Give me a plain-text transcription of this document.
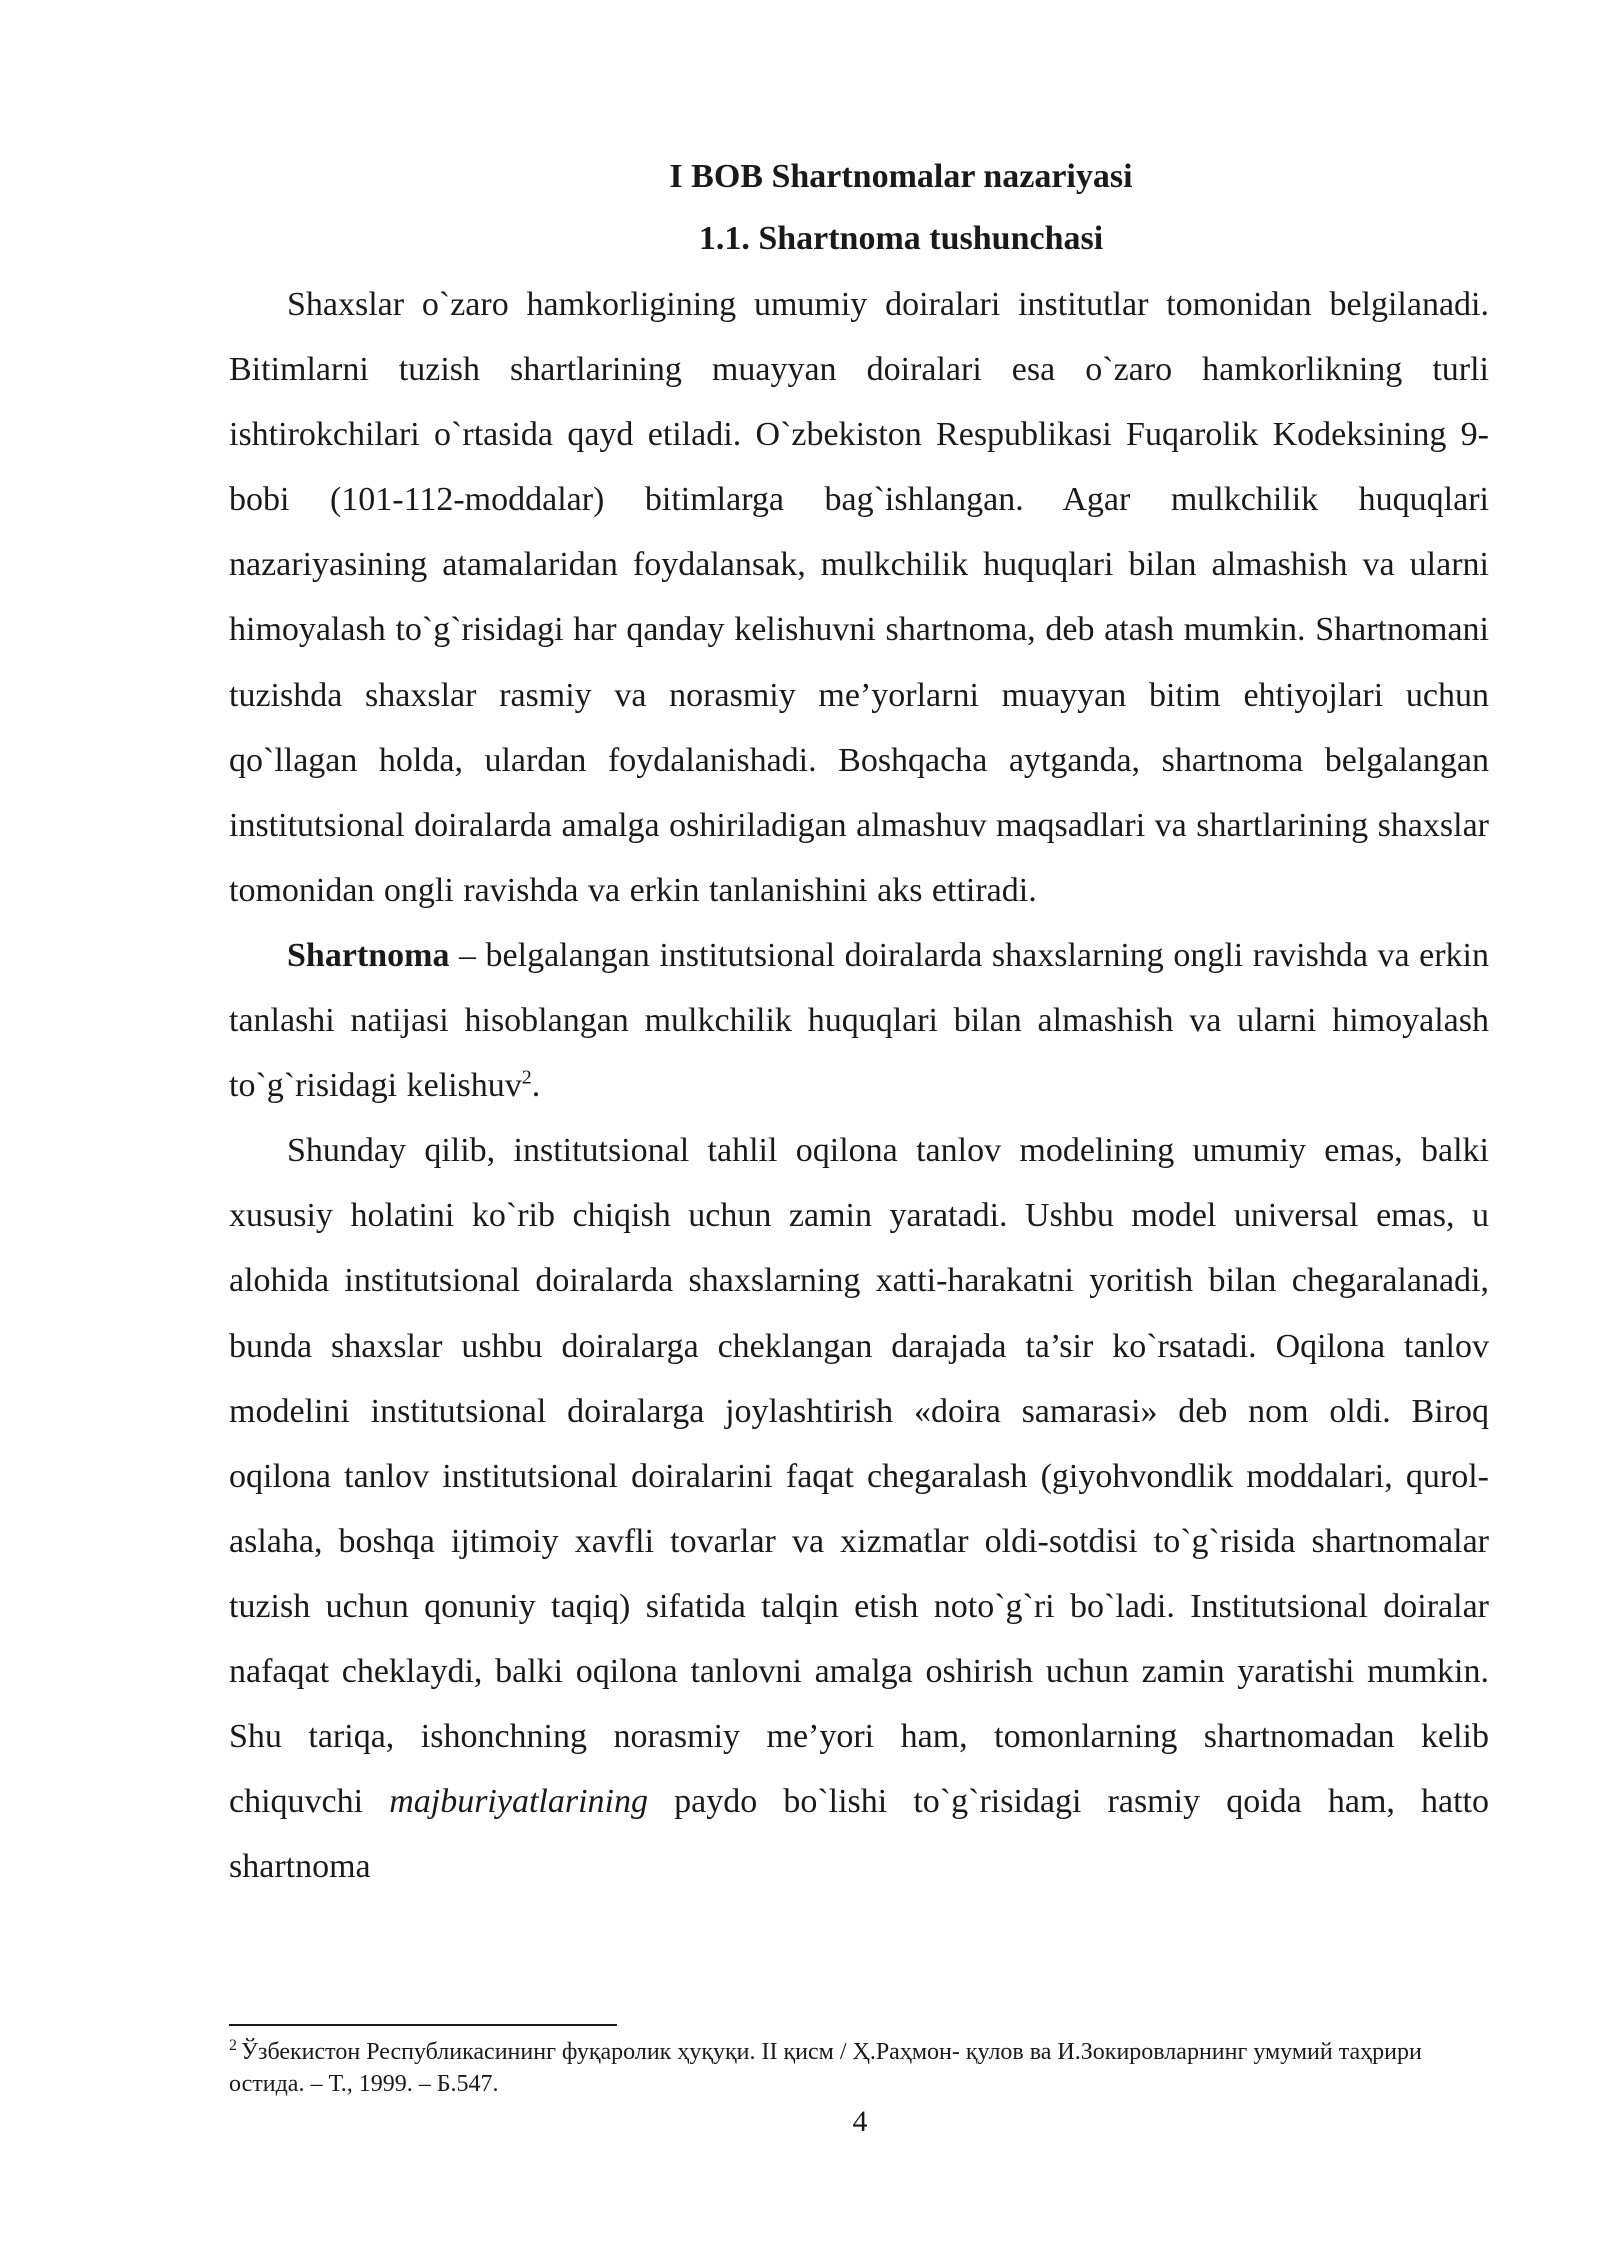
I BOB Shartnomalar nazariyasi
1.1. Shartnoma tushunchasi

Shaxslar o`zaro hamkorligining umumiy doiralari institutlar tomonidan belgilanadi. Bitimlarni tuzish shartlarining muayyan doiralari esa o`zaro hamkorlikning turli ishtirokchilari o`rtasida qayd etiladi. O`zbekiston Respublikasi Fuqarolik Kodeksining 9-bobi (101-112-moddalar) bitimlarga bag`ishlangan. Agar mulkchilik huquqlari nazariyasining atamalaridan foydalansak, mulkchilik huquqlari bilan almashish va ularni himoyalash to`g`risidagi har qanday kelishuvni shartnoma, deb atash mumkin. Shartnomani tuzishda shaxslar rasmiy va norasmiy me’yorlarni muayyan bitim ehtiyojlari uchun qo`llagan holda, ulardan foydalanishadi. Boshqacha aytganda, shartnoma belgalangan institutsional doiralarda amalga oshiriladigan almashuv maqsadlari va shartlarining shaxslar tomonidan ongli ravishda va erkin tanlanishini aks ettiradi.

Shartnoma – belgalangan institutsional doiralarda shaxslarning ongli ravishda va erkin tanlashi natijasi hisoblangan mulkchilik huquqlari bilan almashish va ularni himoyalash to`g`risidagi kelishuv$^2$.

Shunday qilib, institutsional tahlil oqilona tanlov modelining umumiy emas, balki xususiy holatini ko`rib chiqish uchun zamin yaratadi. Ushbu model universal emas, u alohida institutsional doiralarda shaxslarning xatti-harakatni yoritish bilan chegaralanadi, bunda shaxslar ushbu doiralarga cheklangan darajada ta’sir ko`rsatadi. Oqilona tanlov modelini institutsional doiralarga joylashtirish «doira samarasi» deb nom oldi. Biroq oqilona tanlov institutsional doiralarini faqat chegaralash (giyohvondlik moddalari, qurol-aslaha, boshqa ijtimoiy xavfli tovarlar va xizmatlar oldi-sotdisi to`g`risida shartnomalar tuzish uchun qonuniy taqiq) sifatida talqin etish noto`g`ri bo`ladi. Institutsional doiralar nafaqat cheklaydi, balki oqilona tanlovni amalga oshirish uchun zamin yaratishi mumkin. Shu tariqa, ishonchning norasmiy me’yori ham, tomonlarning shartnomadan kelib chiquvchi majburiyatlarining paydo bo`lishi to`g`risidagi rasmiy qoida ham, hatto shartnoma

$^2$ Ўзбекистон Республикасининг фуқаролик ҳуқуқи. II қисм / Ҳ.Раҳмон- қулов ва И.Зокировларнинг умумий таҳрири остида. – Т., 1999. – Б.547.
4
